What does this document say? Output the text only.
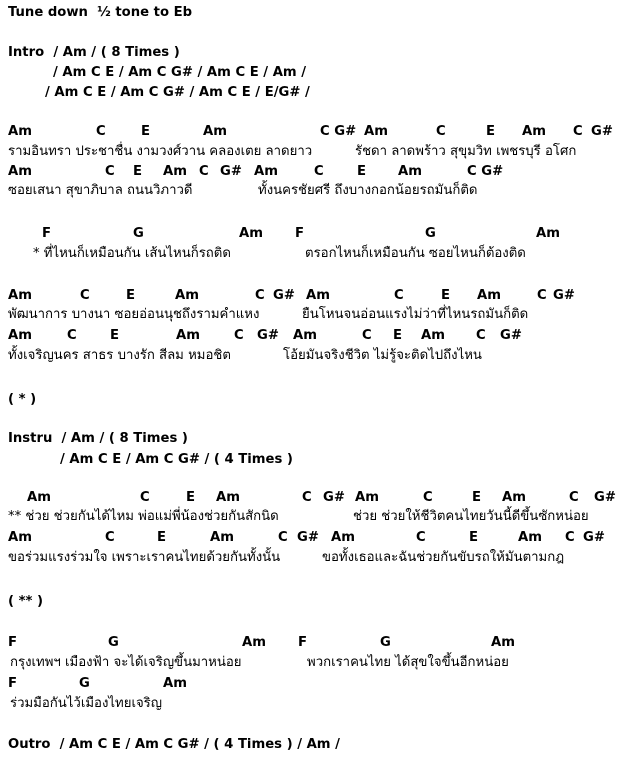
Tune down  ½ tone to Eb
Intro  / Am / ( 8 Times )
/ Am C E / Am C G# / Am C E / Am /
/ Am C E / Am C G# / Am C E / E/G# /
Am	C	E	Am	C G# Am	C	E Am C G#
รามอินทรา ประชาชื่น งามวงศ์วาน คลองเตย ลาดยาว	รัชดา ลาดพร้าว สุขุมวิท เพชรบุรี อโศก
Am	C E Am C G# Am	C	E Am	C G#
ซอยเสนา สุขาภิบาล ถนนวิภาวดี	ทั้งนครชัยศรี ถึงบางกอกน้อยรถมันก็ติด
F	G	Am F	G	Am
* ที่ไหนก็เหมือนกัน เส้นไหนก็รถติด	ตรอกไหนก็เหมือนกัน ซอยไหนก็ต้องติด
Am	C	E	Am	C G# Am	C	E Am	C G#
พัฒนาการ บางนา ซอยอ่อนนุชถึงรามคำแหง	ยืนโหนจนอ่อนแรงไม่ว่าที่ไหนรถมันก็ติด
Am	C	E	Am	C G# Am	C E Am C G#
ทั้งเจริญนคร สาธร บางรัก สีลม หมอชิต	โอ้ยมันจริงชีวิต ไม่รู้จะติดไปถึงไหน
( * )
Instru  / Am / ( 8 Times )
/ Am C E / Am C G# / ( 4 Times )
Am	C	E Am	C G# Am	C	E Am	C G#
** ช่วย ช่วยกันได้ไหม พ่อแม่พี่น้องช่วยกันสักนิด	ช่วย ช่วยให้ชีวิตคนไทยวันนี้ดีขึ้นซักหน่อย
Am	C	E	Am	C G# Am	C	E	Am C G#
ขอร่วมแรงร่วมใจ เพราะเราคนไทยด้วยกันทั้งนั้น	ขอทั้งเธอและฉันช่วยกันขับรถให้มันตามกฎ
( ** )
F	G	Am F	G	Am
กรุงเทพฯ เมืองฟ้า จะได้เจริญขึ้นมาหน่อย	พวกเราคนไทย ได้สุขใจขึ้นอีกหน่อย
F	G	Am
ร่วมมือกันไว้เมืองไทยเจริญ
Outro  / Am C E / Am C G# / ( 4 Times ) / Am /
